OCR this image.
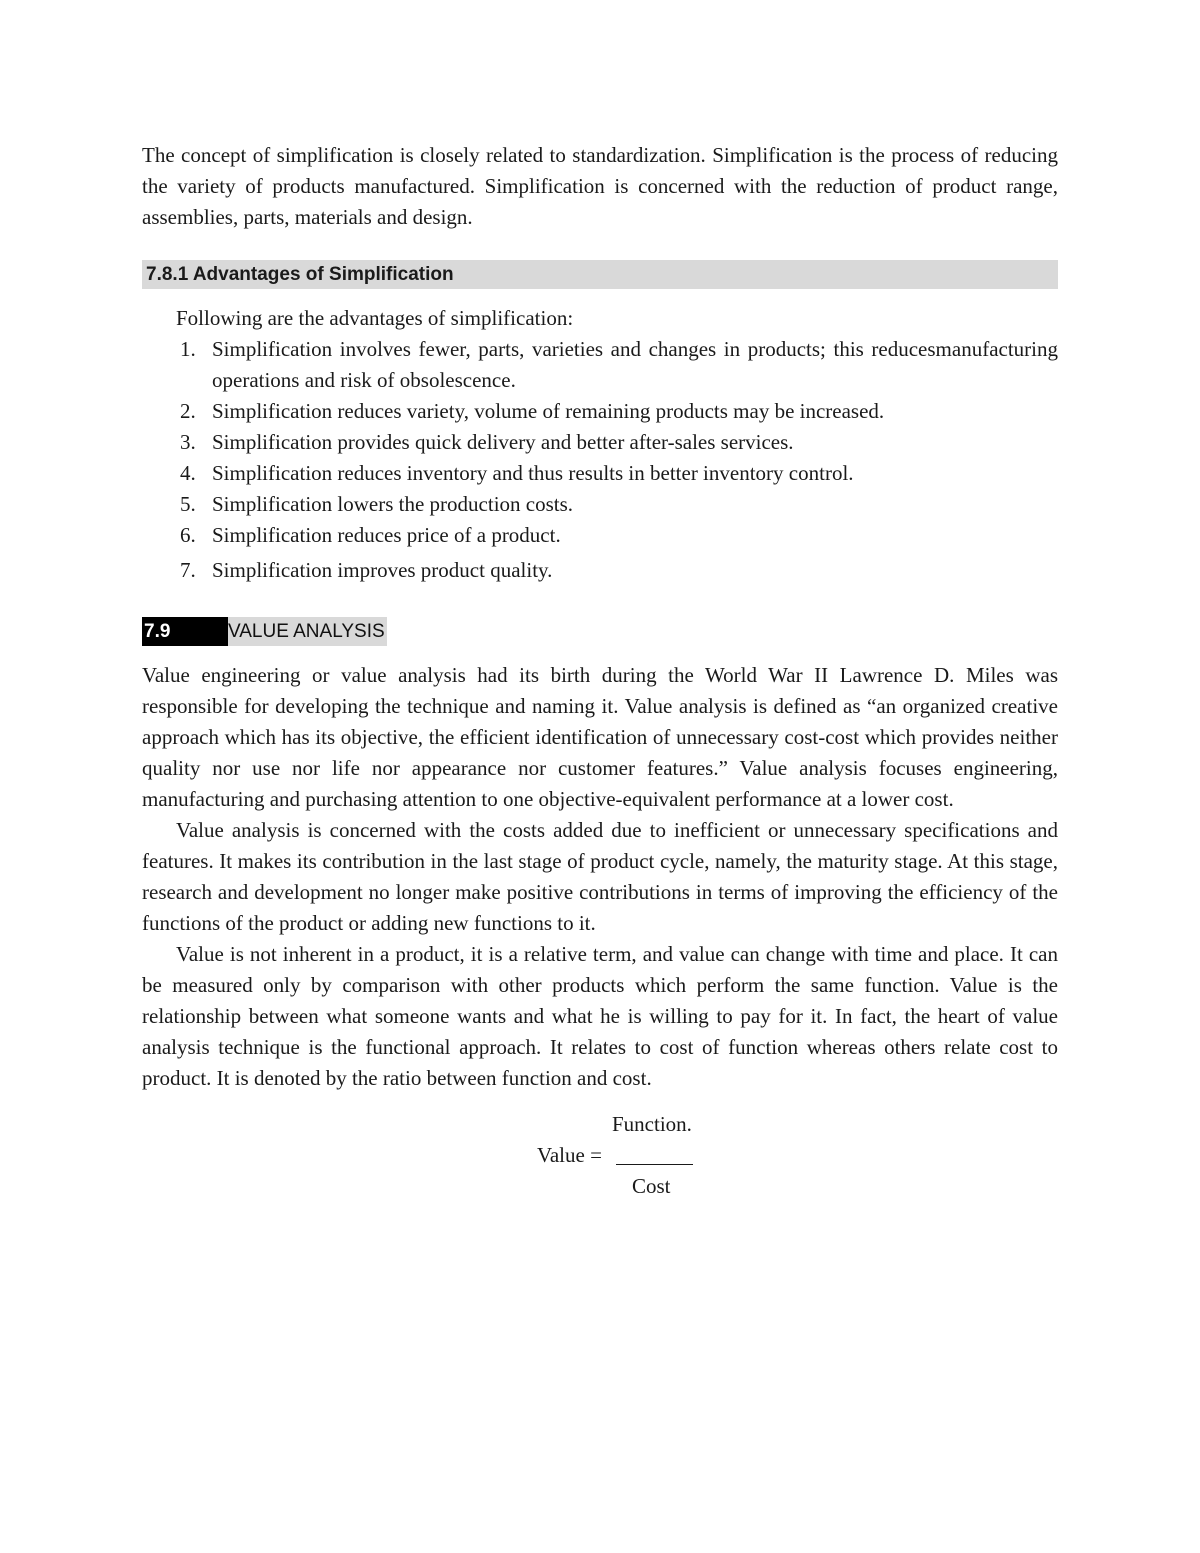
The concept of simplification is closely related to standardization. Simplification is the process of reducing the variety of products manufactured. Simplification is concerned with the reduction of product range, assemblies, parts, materials and design.

7.8.1 Advantages of Simplification

Following are the advantages of simplification:

1. Simplification involves fewer, parts, varieties and changes in products; this reducesmanufacturing operations and risk of obsolescence.
2. Simplification reduces variety, volume of remaining products may be increased.
3. Simplification provides quick delivery and better after-sales services.
4. Simplification reduces inventory and thus results in better inventory control.
5. Simplification lowers the production costs.
6. Simplification reduces price of a product.
7. Simplification improves product quality.
7.9	VALUE ANALYSIS

Value engineering or value analysis had its birth during the World War II Lawrence D. Miles was responsible for developing the technique and naming it. Value analysis is defined as “an organized creative approach which has its objective, the efficient identification of unnecessary cost-cost which provides neither quality nor use nor life nor appearance nor customer features.” Value analysis focuses engineering, manufacturing and purchasing attention to one objective-equivalent performance at a lower cost.

Value analysis is concerned with the costs added due to inefficient or unnecessary specifications and features. It makes its contribution in the last stage of product cycle, namely, the maturity stage. At this stage, research and development no longer make positive contributions in terms of improving the efficiency of the functions of the product or adding new functions to it.

Value is not inherent in a product, it is a relative term, and value can change with time and place. It can be measured only by comparison with other products which perform the same function. Value is the relationship between what someone wants and what he is willing to pay for it. In fact, the heart of value analysis technique is the functional approach. It relates to cost of function whereas others relate cost to product. It is denoted by the ratio between function and cost.

Function.
Value =
Cost
